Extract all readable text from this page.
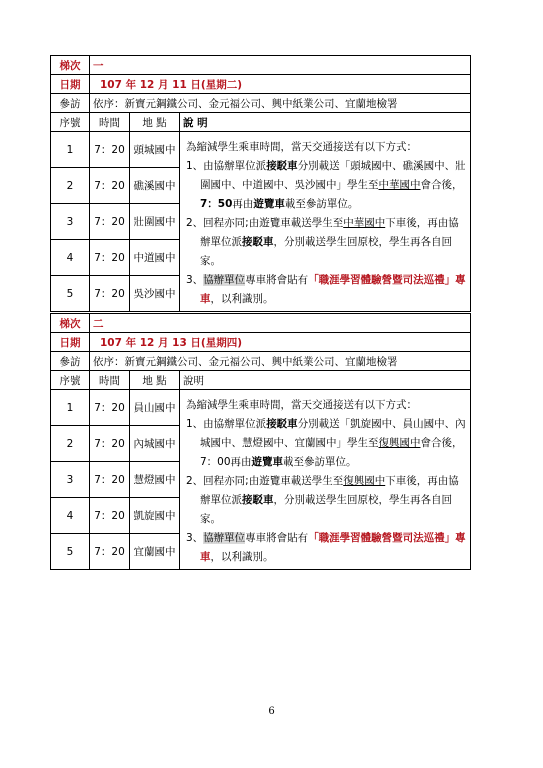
梯次	一		
日期	107 年 12 月 11 日(星期二)		
參訪	依序：新寶元鋼鐵公司、金元福公司、興中紙業公司、宜蘭地檢署		
序號	時間	地 點	說 明
1	7：20	頭城國中	為縮減學生乘車時間，當天交通接送有以下方式：
1、由協辦單位派接駁車分別載送「頭城國中、礁溪國中、壯圍國中、中道國中、吳沙國中」學生至中華國中會合後，7：50再由遊覽車載至參訪單位。
2、回程亦同;由遊覽車載送學生至中華國中下車後，再由協辦單位派接駁車，分別載送學生回原校，學生再各自回家。
3、協辦單位專車將會貼有「職涯學習體驗營暨司法巡禮」專車，以利識別。

2	7：20	礁溪國中	
3	7：20	壯圍國中	
4	7：20	中道國中	
5	7：20	吳沙國中	
梯次	二		
日期	107 年 12 月 13 日(星期四)		
參訪	依序：新寶元鋼鐵公司、金元福公司、興中紙業公司、宜蘭地檢署		
序號	時間	地 點	說明
1	7：20	員山國中	為縮減學生乘車時間，當天交通接送有以下方式：
1、由協辦單位派接駁車分別載送「凱旋國中、員山國中、內城國中、慧燈國中、宜蘭國中」學生至復興國中會合後，7：00再由遊覽車載至參訪單位。
2、回程亦同;由遊覽車載送學生至復興國中下車後，再由協辦單位派接駁車，分別載送學生回原校，學生再各自回家。
3、協辦單位專車將會貼有「職涯學習體驗營暨司法巡禮」專車，以利識別。

2	7：20	內城國中	
3	7：20	慧燈國中	
4	7：20	凱旋國中	
5	7：20	宜蘭國中	
6
